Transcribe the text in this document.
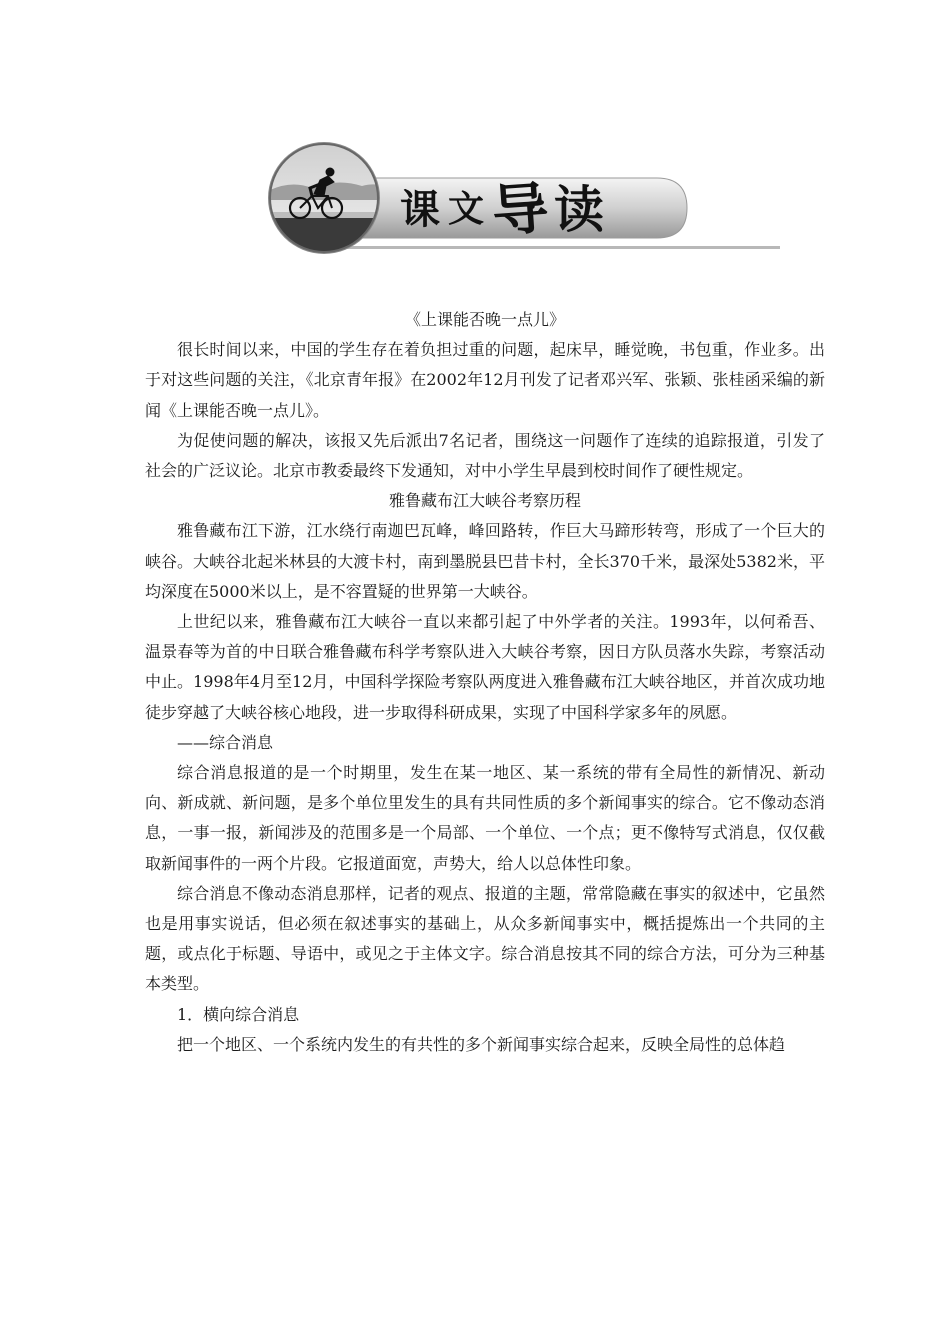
课 文 导 读

《上课能否晚一点儿》

很长时间以来，中国的学生存在着负担过重的问题，起床早，睡觉晚，书包重，作业多。出于对这些问题的关注，《北京青年报》在2002年12月刊发了记者邓兴军、张颖、张桂函采编的新闻《上课能否晚一点儿》。

为促使问题的解决，该报又先后派出7名记者，围绕这一问题作了连续的追踪报道，引发了社会的广泛议论。北京市教委最终下发通知，对中小学生早晨到校时间作了硬性规定。

雅鲁藏布江大峡谷考察历程

雅鲁藏布江下游，江水绕行南迦巴瓦峰，峰回路转，作巨大马蹄形转弯，形成了一个巨大的峡谷。大峡谷北起米林县的大渡卡村，南到墨脱县巴昔卡村，全长370千米，最深处5382米，平均深度在5000米以上，是不容置疑的世界第一大峡谷。

上世纪以来，雅鲁藏布江大峡谷一直以来都引起了中外学者的关注。1993年，以何希吾、温景春等为首的中日联合雅鲁藏布科学考察队进入大峡谷考察，因日方队员落水失踪，考察活动中止。1998年4月至12月，中国科学探险考察队两度进入雅鲁藏布江大峡谷地区，并首次成功地徒步穿越了大峡谷核心地段，进一步取得科研成果，实现了中国科学家多年的夙愿。

——综合消息

综合消息报道的是一个时期里，发生在某一地区、某一系统的带有全局性的新情况、新动向、新成就、新问题，是多个单位里发生的具有共同性质的多个新闻事实的综合。它不像动态消息，一事一报，新闻涉及的范围多是一个局部、一个单位、一个点；更不像特写式消息，仅仅截取新闻事件的一两个片段。它报道面宽，声势大，给人以总体性印象。

综合消息不像动态消息那样，记者的观点、报道的主题，常常隐藏在事实的叙述中，它虽然也是用事实说话，但必须在叙述事实的基础上，从众多新闻事实中，概括提炼出一个共同的主题，或点化于标题、导语中，或见之于主体文字。综合消息按其不同的综合方法，可分为三种基本类型。

1．横向综合消息

把一个地区、一个系统内发生的有共性的多个新闻事实综合起来，反映全局性的总体趋
